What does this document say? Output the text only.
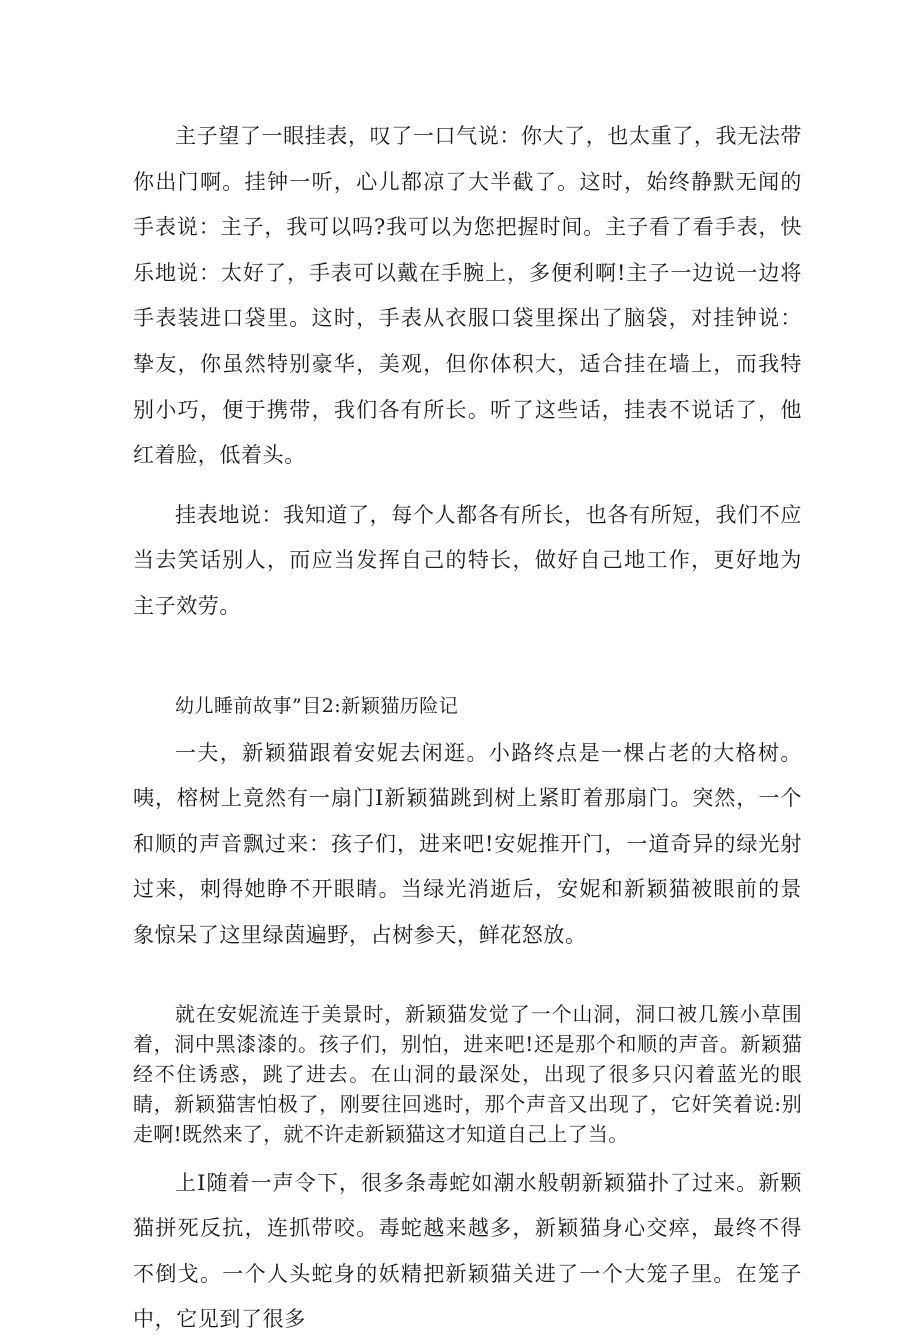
主子望了一眼挂表，叹了一口气说：你大了，也太重了，我无法带你出门啊。挂钟一听，心儿都凉了大半截了。这时，始终静默无闻的手表说：主子，我可以吗?我可以为您把握时间。主子看了看手表，快乐地说：太好了，手表可以戴在手腕上，多便利啊!主子一边说一边将手表装进口袋里。这时，手表从衣服口袋里探出了脑袋，对挂钟说：挚友，你虽然特别豪华，美观，但你体积大，适合挂在墙上，而我特别小巧，便于携带，我们各有所长。听了这些话，挂表不说话了，他红着脸，低着头。

挂表地说：我知道了，每个人都各有所长，也各有所短，我们不应当去笑话别人，而应当发挥自己的特长，做好自己地工作，更好地为主子效劳。

幼儿睡前故事”目2:新颖猫历险记

一夫，新颖猫跟着安妮去闲逛。小路终点是一棵占老的大格树。咦，榕树上竟然有一扇门I新颖猫跳到树上紧盯着那扇门。突然，一个和顺的声音飘过来：孩子们，进来吧!安妮推开门，一道奇异的绿光射过来，刺得她睁不开眼睛。当绿光消逝后，安妮和新颖猫被眼前的景象惊呆了这里绿茵遍野，占树参天，鲜花怒放。

就在安妮流连于美景时，新颖猫发觉了一个山洞，洞口被几簇小草围着，洞中黑漆漆的。孩子们，别怕，进来吧!还是那个和顺的声音。新颖猫经不住诱惑，跳了进去。在山洞的最深处，出现了很多只闪着蓝光的眼睛，新颖猫害怕极了，刚要往回逃时，那个声音又出现了，它奸笑着说:别走啊!既然来了，就不许走新颖猫这才知道自己上了当。

上I随着一声令下，很多条毒蛇如潮水般朝新颖猫扑了过来。新颗猫拼死反抗，连抓带咬。毒蛇越来越多，新颖猫身心交瘁，最终不得不倒戈。一个人头蛇身的妖精把新颖猫关进了一个大笼子里。在笼子中，它见到了很多
